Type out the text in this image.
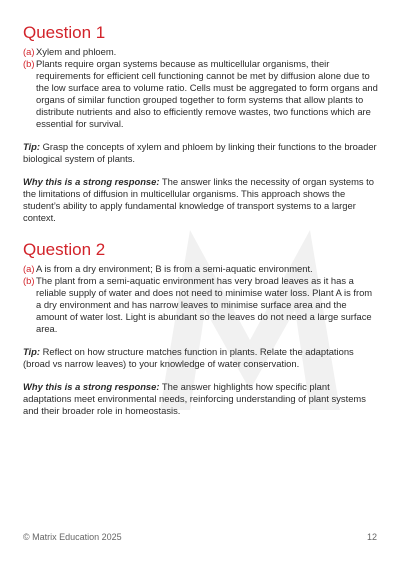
Question 1

(a) Xylem and phloem.

(b) Plants require organ systems because as multicellular organisms, their requirements for efficient cell functioning cannot be met by diffusion alone due to the low surface area to volume ratio. Cells must be aggregated to form organs and organs of similar function grouped together to form systems that allow plants to distribute nutrients and also to efficiently remove wastes, two functions which are essential for survival.

Tip: Grasp the concepts of xylem and phloem by linking their functions to the broader biological system of plants.

Why this is a strong response: The answer links the necessity of organ systems to the limitations of diffusion in multicellular organisms. This approach shows the student’s ability to apply fundamental knowledge of transport systems to a larger context.

Question 2

(a) A is from a dry environment; B is from a semi-aquatic environment.

(b) The plant from a semi-aquatic environment has very broad leaves as it has a reliable supply of water and does not need to minimise water loss. Plant A is from a dry environment and has narrow leaves to minimise surface area and the amount of water lost. Light is abundant so the leaves do not need a large surface area.

Tip: Reflect on how structure matches function in plants. Relate the adaptations (broad vs narrow leaves) to your knowledge of water conservation.

Why this is a strong response: The answer highlights how specific plant adaptations meet environmental needs, reinforcing understanding of plant systems and their broader role in homeostasis.

© Matrix Education 2025	12
